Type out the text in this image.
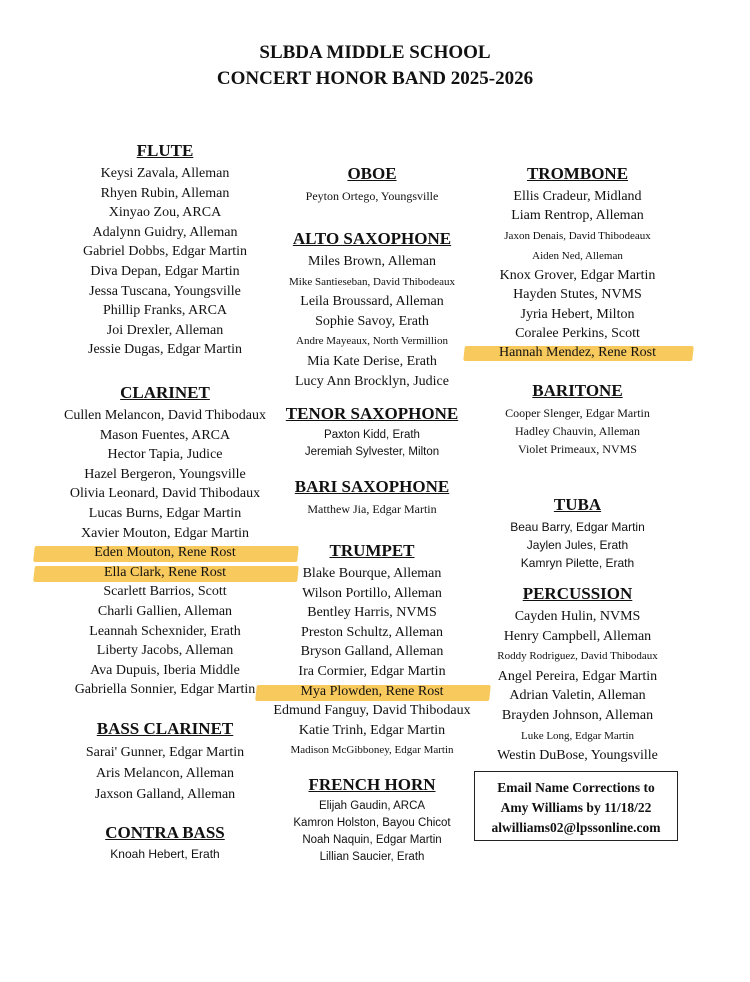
SLBDA MIDDLE SCHOOL
CONCERT HONOR BAND 2025-2026
FLUTE
Keysi Zavala, Alleman
Rhyen Rubin, Alleman
Xinyao Zou, ARCA
Adalynn Guidry, Alleman
Gabriel Dobbs, Edgar Martin
Diva Depan, Edgar Martin
Jessa Tuscana, Youngsville
Phillip Franks, ARCA
Joi Drexler, Alleman
Jessie Dugas, Edgar Martin
CLARINET
Cullen Melancon, David Thibodaux
Mason Fuentes, ARCA
Hector Tapia, Judice
Hazel Bergeron, Youngsville
Olivia Leonard, David Thibodaux
Lucas Burns, Edgar Martin
Xavier Mouton, Edgar Martin
Eden Mouton, Rene Rost
Ella Clark, Rene Rost
Scarlett Barrios, Scott
Charli Gallien, Alleman
Leannah Schexnider, Erath
Liberty Jacobs, Alleman
Ava Dupuis, Iberia Middle
Gabriella Sonnier, Edgar Martin
BASS CLARINET
Sarai' Gunner, Edgar Martin
Aris Melancon, Alleman
Jaxson Galland, Alleman
CONTRA BASS
Knoah Hebert, Erath
OBOE
Peyton Ortego, Youngsville
ALTO SAXOPHONE
Miles Brown, Alleman
Mike Santieseban, David Thibodeaux
Leila Broussard, Alleman
Sophie Savoy, Erath
Andre Mayeaux, North Vermillion
Mia Kate Derise, Erath
Lucy Ann Brocklyn, Judice
TENOR SAXOPHONE
Paxton Kidd, Erath
Jeremiah Sylvester, Milton
BARI SAXOPHONE
Matthew Jia, Edgar Martin
TRUMPET
Blake Bourque, Alleman
Wilson Portillo, Alleman
Bentley Harris, NVMS
Preston Schultz, Alleman
Bryson Galland, Alleman
Ira Cormier, Edgar Martin
Mya Plowden, Rene Rost
Edmund Fanguy, David Thibodaux
Katie Trinh, Edgar Martin
Madison McGibboney, Edgar Martin
FRENCH HORN
Elijah Gaudin, ARCA
Kamron Holston, Bayou Chicot
Noah Naquin, Edgar Martin
Lillian Saucier, Erath
TROMBONE
Ellis Cradeur, Midland
Liam Rentrop, Alleman
Jaxon Denais, David Thibodeaux
Aiden Ned, Alleman
Knox Grover, Edgar Martin
Hayden Stutes, NVMS
Jyria Hebert, Milton
Coralee Perkins, Scott
Hannah Mendez, Rene Rost
BARITONE
Cooper Slenger, Edgar Martin
Hadley Chauvin, Alleman
Violet Primeaux, NVMS
TUBA
Beau Barry, Edgar Martin
Jaylen Jules, Erath
Kamryn Pilette, Erath
PERCUSSION
Cayden Hulin, NVMS
Henry Campbell, Alleman
Roddy Rodriguez, David Thibodaux
Angel Pereira, Edgar Martin
Adrian Valetin, Alleman
Brayden Johnson, Alleman
Luke Long, Edgar Martin
Westin DuBose, Youngsville
Email Name Corrections to
Amy Williams by 11/18/22
alwilliams02@lpssonline.com
